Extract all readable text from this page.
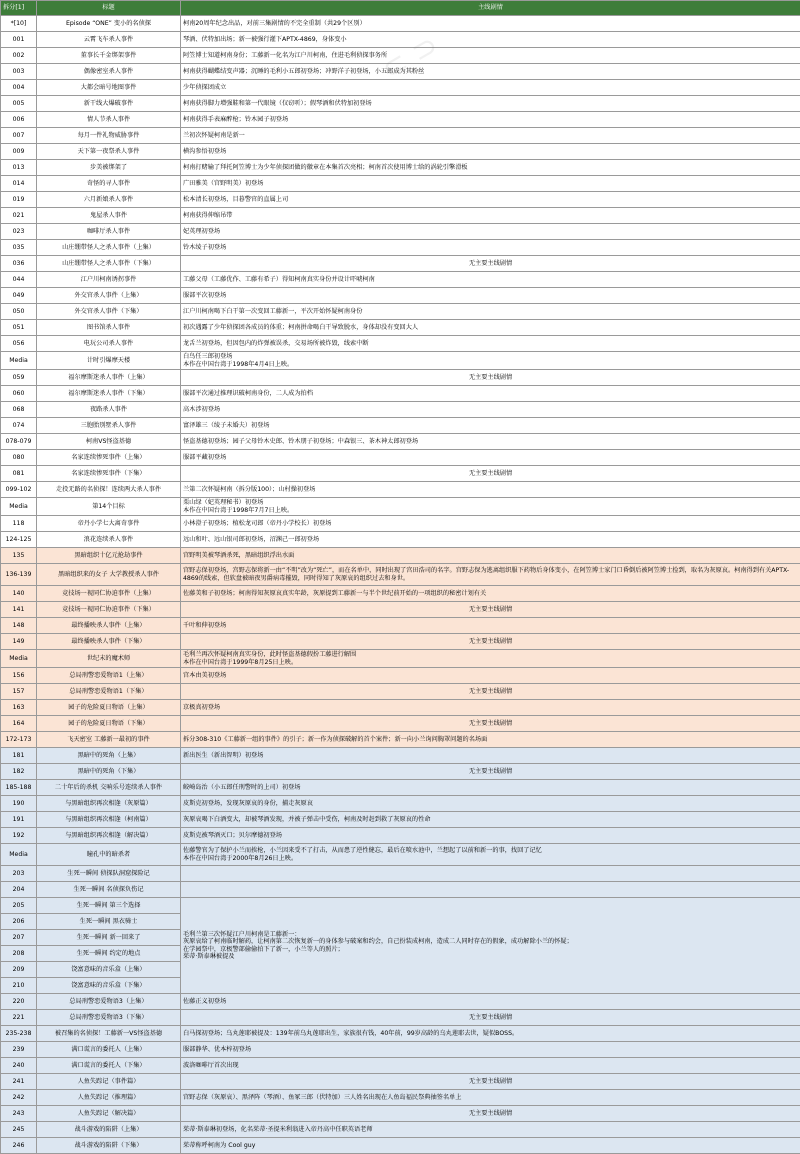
拆分[1]	标题	主线剧情	
*[10]	Episode “ONE” 变小的名侦探	柯南20周年纪念出品，对前三集剧情的不完全重制（共29个区别）	
001	云霄飞车杀人事件	琴酒、伏特加出场；新一被强行灌下APTX-4869，身体变小	
002	董事长千金绑架事件	阿笠博士知道柯南身份；工藤新一化名为江户川柯南，住进毛利侦探事务所	
003	偶像密室杀人事件	柯南获得蝴蝶结变声器；沉睡的毛利小五郎初登场；冲野洋子初登场，小五郎成为其粉丝	
004	大都会暗号地图事件	少年侦探团成立	
005	新干线大爆破事件	柯南获得脚力增强鞋和第一代眼镜（仅窃听）；假琴酒和伏特加初登场	
006	情人节杀人事件	柯南获得手表麻醉枪；铃木园子初登场	
007	每月一件礼物威胁事件	兰初次怀疑柯南是新一	
009	天下第一夜祭杀人事件	横沟参悟初登场	
013	步美被绑架了	柯南打赌输了拜托阿笠博士为少年侦探团做的徽章在本集首次亮相；柯南首次使用博士给的涡轮引擎滑板	
014	奇怪的寻人事件	广田雅美（宫野明美）初登场	
019	六月新娘杀人事件	松本清长初登场，目暮警官的直属上司	
021	鬼屋杀人事件	柯南获得伸缩吊带	
023	咖啡厅杀人事件	妃英理初登场	
035	山庄绷带怪人之杀人事件（上集）	铃木绫子初登场	
036	山庄绷带怪人之杀人事件（下集）	无主要主线剧情	
044	江户川柯南诱拐事件	工藤父母（工藤优作、工藤有希子）得知柯南真实身份并设计吓唬柯南	
049	外交官杀人事件（上集）	服部平次初登场	
050	外交官杀人事件（下集）	江户川柯南喝下白干第一次变回工藤新一，平次开始怀疑柯南身份	
051	图书馆杀人事件	初次遇露了少年侦探团各成员的体重；柯南拼命喝白干导致脱水，身体却没有变回大人	
056	电玩公司杀人事件	龙舌兰初登场，但因包内的炸弹被误杀，交易场所被炸毁，线索中断	
Media	计时引爆摩天楼	白鸟任三郎初登场
本作在中国台湾于1998年4月4日上映。	
059	福尔摩斯迷杀人事件（上集）	无主要主线剧情	
060	福尔摩斯迷杀人事件（下集）	服部平次通过推理识破柯南身份，二人成为拍档	
068	夜路杀人事件	高木涉初登场	
074	三胞胎别墅杀人事件	富泽雄三（绫子未婚夫）初登场	
078-079	柯南VS怪盗基德	怪盗基德初登场；园子父母铃木史郎、铃木朋子初登场；中森银三、茶木神太郎初登场	
080	名家连续惨死事件（上集）	服部平藏初登场	
081	名家连续惨死事件（下集）	无主要主线剧情	
099-102	走投无路的名侦探！连续两大杀人事件	兰第二次怀疑柯南（拆分版100）；山村操初登场	
Media	第14个目标	栗山绿（妃英理秘书）初登场
本作在中国台湾于1998年7月7日上映。	
118	帝丹小学七大离奇事件	小林澄子初登场；植松龙司郎（帝丹小学校长）初登场	
124-125	浪花连续杀人事件	远山和叶、远山银司郎初登场，沼渊己一郎初登场	
135	黑暗组织十亿元抢劫事件	宫野明美被琴酒杀死，黑暗组织浮出水面	
136-139	黑暗组织来的女子 大学教授杀人事件	宫野志保初登场，宫野志保将新一由“不明”改为“死亡”，而在名单中，同时出现了宫田浩司的名字。宫野志保为逃离组织服下药物后身体变小，在阿笠博士家门口昏倒后被阿笠博士捡到，取名为灰原哀。柯南得到有关APTX-4869的线索，但软盘被暗夜男爵病毒摧毁，同时得知了灰原哀的组织过去和身世。	
140	竞技场一视同仁协迫事件（上集）	佐藤美和子初登场；柯南得知灰原哀真实年龄，灰原提到工藤新一与半个世纪前开始的一项组织的秘密计划有关	
141	竞技场一视同仁协迫事件（下集）	无主要主线剧情	
148	最终播映杀人事件（上集）	千叶和伸初登场	
149	最终播映杀人事件（下集）	无主要主线剧情	
Media	世纪末的魔术师	毛利兰再次怀疑柯南真实身份，此时怪盗基德假扮工藤进行解围
本作在中国台湾于1999年8月25日上映。	
156	总局刑警恋爱物语1（上集）	宫本由美初登场	
157	总局刑警恋爱物语1（下集）	无主要主线剧情	
163	园子的危险夏日物语（上集）	京极真初登场	
164	园子的危险夏日物语（下集）	无主要主线剧情	
172-173	飞天密室 工藤新一最初的事件	拆分308-310《工藤新一组的事件》的引子；新一作为侦探破解的首个案件；新一向小兰询问胸罩问题的名场面	
181	黑暗中的死角（上集）	新出医生（新出智明）初登场	
182	黑暗中的死角（下集）	无主要主线剧情	
185-188	二十年后的杀机 交响乐号连续杀人事件	鲛崎岛治（小五郎任刑警时的上司）初登场	
190	与黑暗组织再次相逢（灰原篇）	皮斯克初登场，发现灰原哀的身份，捕走灰原哀	
191	与黑暗组织再次相逢（柯南篇）	灰原哀喝下白酒变大，却被琴酒发现，并被子弹击中受伤，柯南及时赶到救了灰原哀的性命	
192	与黑暗组织再次相逢（解决篇）	皮斯克被琴酒灭口；贝尔摩德初登场	
Media	瞳孔中的暗杀者	佐藤警官为了保护小兰而挨枪，小兰因来受不了打击，从而患了逆性健忘，最后在喷水池中，兰想起了以前和新一的事，找回了记忆
本作在中国台湾于2000年8月26日上映。	
203	生死一瞬间 侦探队洞窟探险记		
204	生死一瞬间 名侦探负伤记		
205	生死一瞬间 第三个选择	毛利兰第三次怀疑江户川柯南是工藤新一：
灰原哀给了柯南临时解药，让柯南第二次恢复新一的身体参与破案和约会，自己扮装成柯南，造成二人同时存在的假象，成功解除小兰的怀疑；
在学园祭中，京极警部偷偷拍下了新一，小兰等人的照片；
茱蒂·斯泰琳被提及	
206	生死一瞬间 黑衣骑士		
207	生死一瞬间 新一回来了		
208	生死一瞬间 约定的地点		
209	饶富意味的音乐盒（上集）	
210	饶富意味的音乐盒（下集）	
220	总局刑警恋爱物语3（上集）	佐藤正义初登场	
221	总局刑警恋爱物语3（下集）	无主要主线剧情	
235-238	被召集的名侦探！工藤新一VS怪盗基德	白马探初登场；乌丸莲耶被提及：139年前乌丸莲耶出生，家族很有钱，40年前，99岁高龄的乌丸莲耶去世，疑似BOSS。	
239	满口谎言的委托人（上集）	服部静华、优本梓初登场	
240	满口谎言的委托人（下集）	波洛咖啡厅首次出现	
241	人鱼失踪记（事件篇）	无主要主线剧情	
242	人鱼失踪记（推理篇）	宫野志保（灰原哀）、黑泽阵（琴酒）、鱼冢三郎（伏特加）三人姓名出现在人鱼岛福民祭典抽签名单上	
243	人鱼失踪记（解决篇）	无主要主线剧情	
245	战斗游戏的陷阱（上集）	茱蒂·斯泰琳初登场，化名茱蒂·圣提米利翁进入帝丹高中任职英语老师	
246	战斗游戏的陷阱（下集）	茱蒂称呼柯南为 Cool guy	
